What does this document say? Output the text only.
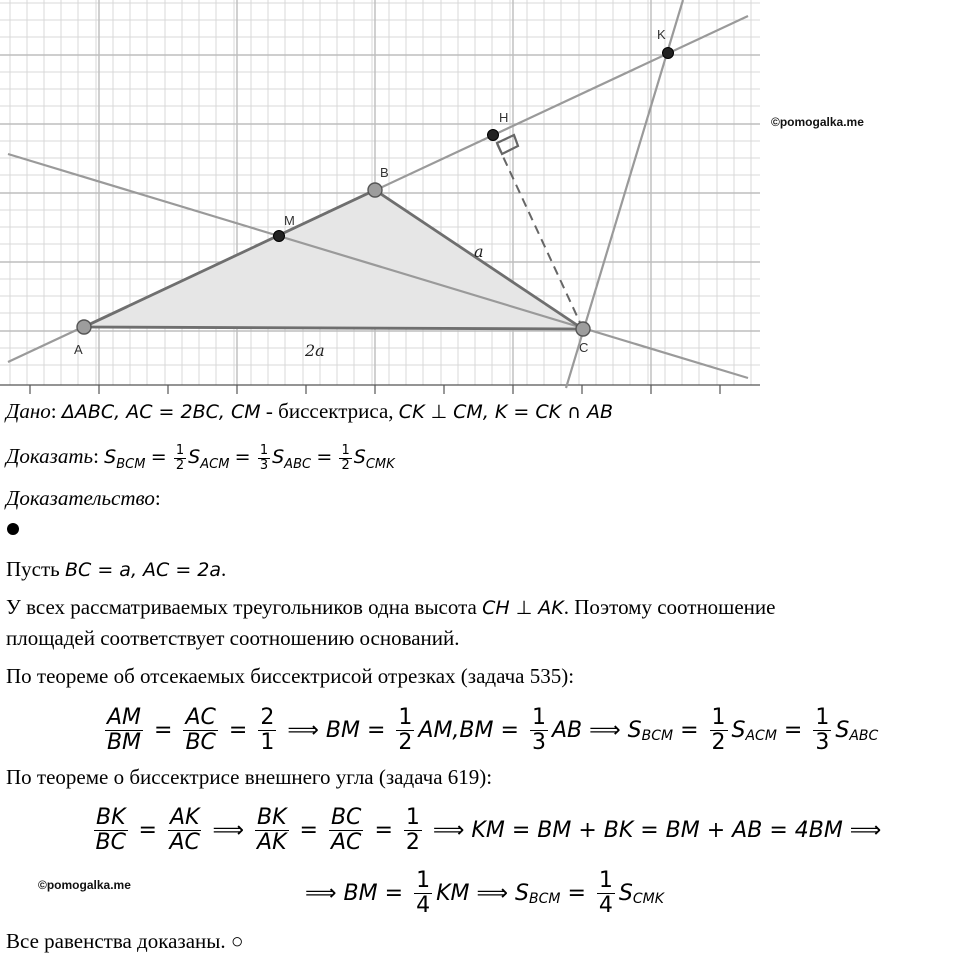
A
B
C
M
H
K
a
2a
©pomogalka.me
Дано: ΔABC, AC = 2BC, CM - биссектриса, CK ⊥ CM, K = CK ∩ AB
Доказать: $S_{BCM} = \frac{1}{2} S_{ACM} = \frac{1}{3} S_{ABC} = \frac{1}{2} S_{CMK}$
Доказательство:
Пусть BC = a, AC = 2a.
У всех рассматриваемых треугольников одна высота CH ⊥ AK. Поэтому соотношение
площадей соответствует соотношению оснований.
По теореме об отсекаемых биссектрисой отрезках (задача 535):
$\frac{AM}{BM} = \frac{AC}{BC} = \frac{2}{1}$ ⟹ BM = $\frac{1}{2}$ AM, BM = $\frac{1}{3}$ AB ⟹ S BCM = $\frac{1}{2}$ S ACM = $\frac{1}{3}$ S ABC
По теореме о биссектрисе внешнего угла (задача 619):
$\frac{BK}{BC} = \frac{AK}{AC}$ ⟹ $\frac{BK}{AK} = \frac{BC}{AC} = \frac{1}{2}$ ⟹ KM = BM + BK = BM + AB = 4BM ⟹
©pomogalka.me	⟹ BM = $\frac{1}{4}$ KM ⟹ S BCM = $\frac{1}{4}$ S CMK
Все равенства доказаны. ○
